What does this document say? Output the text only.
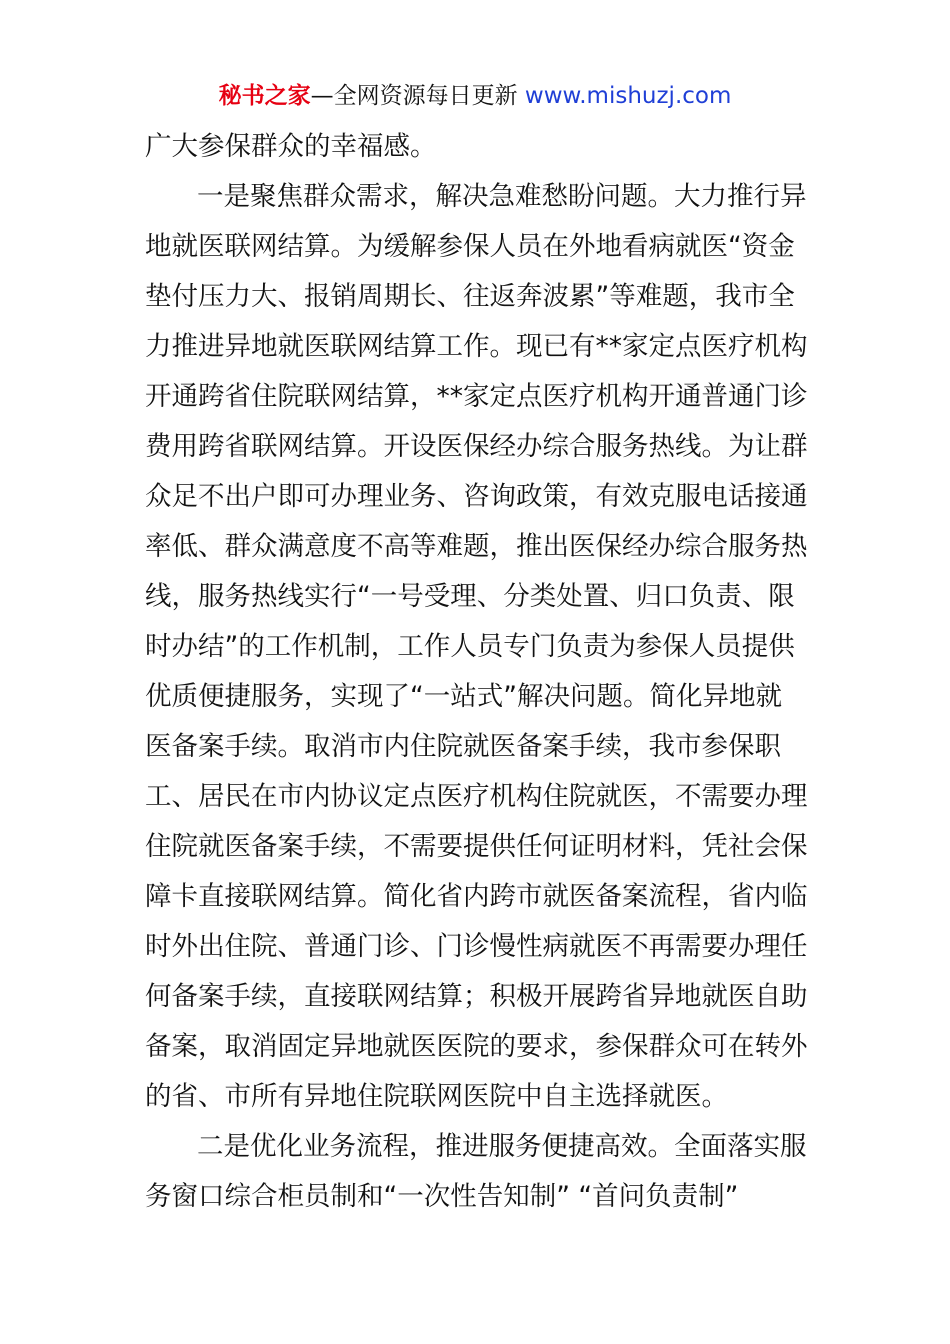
秘书之家—全网资源每日更新 www.mishuzj.com
广大参保群众的幸福感。
一是聚焦群众需求，解决急难愁盼问题。大力推行异
地就医联网结算。为缓解参保人员在外地看病就医“资金
垫付压力大、报销周期长、往返奔波累”等难题，我市全
力推进异地就医联网结算工作。现已有**家定点医疗机构
开通跨省住院联网结算，**家定点医疗机构开通普通门诊
费用跨省联网结算。开设医保经办综合服务热线。为让群
众足不出户即可办理业务、咨询政策，有效克服电话接通
率低、群众满意度不高等难题，推出医保经办综合服务热
线，服务热线实行“一号受理、分类处置、归口负责、限
时办结”的工作机制，工作人员专门负责为参保人员提供
优质便捷服务，实现了“一站式”解决问题。简化异地就
医备案手续。取消市内住院就医备案手续，我市参保职
工、居民在市内协议定点医疗机构住院就医，不需要办理
住院就医备案手续，不需要提供任何证明材料，凭社会保
障卡直接联网结算。简化省内跨市就医备案流程，省内临
时外出住院、普通门诊、门诊慢性病就医不再需要办理任
何备案手续，直接联网结算；积极开展跨省异地就医自助
备案，取消固定异地就医医院的要求，参保群众可在转外
的省、市所有异地住院联网医院中自主选择就医。
二是优化业务流程，推进服务便捷高效。全面落实服
务窗口综合柜员制和“一次性告知制” “首问负责制”
